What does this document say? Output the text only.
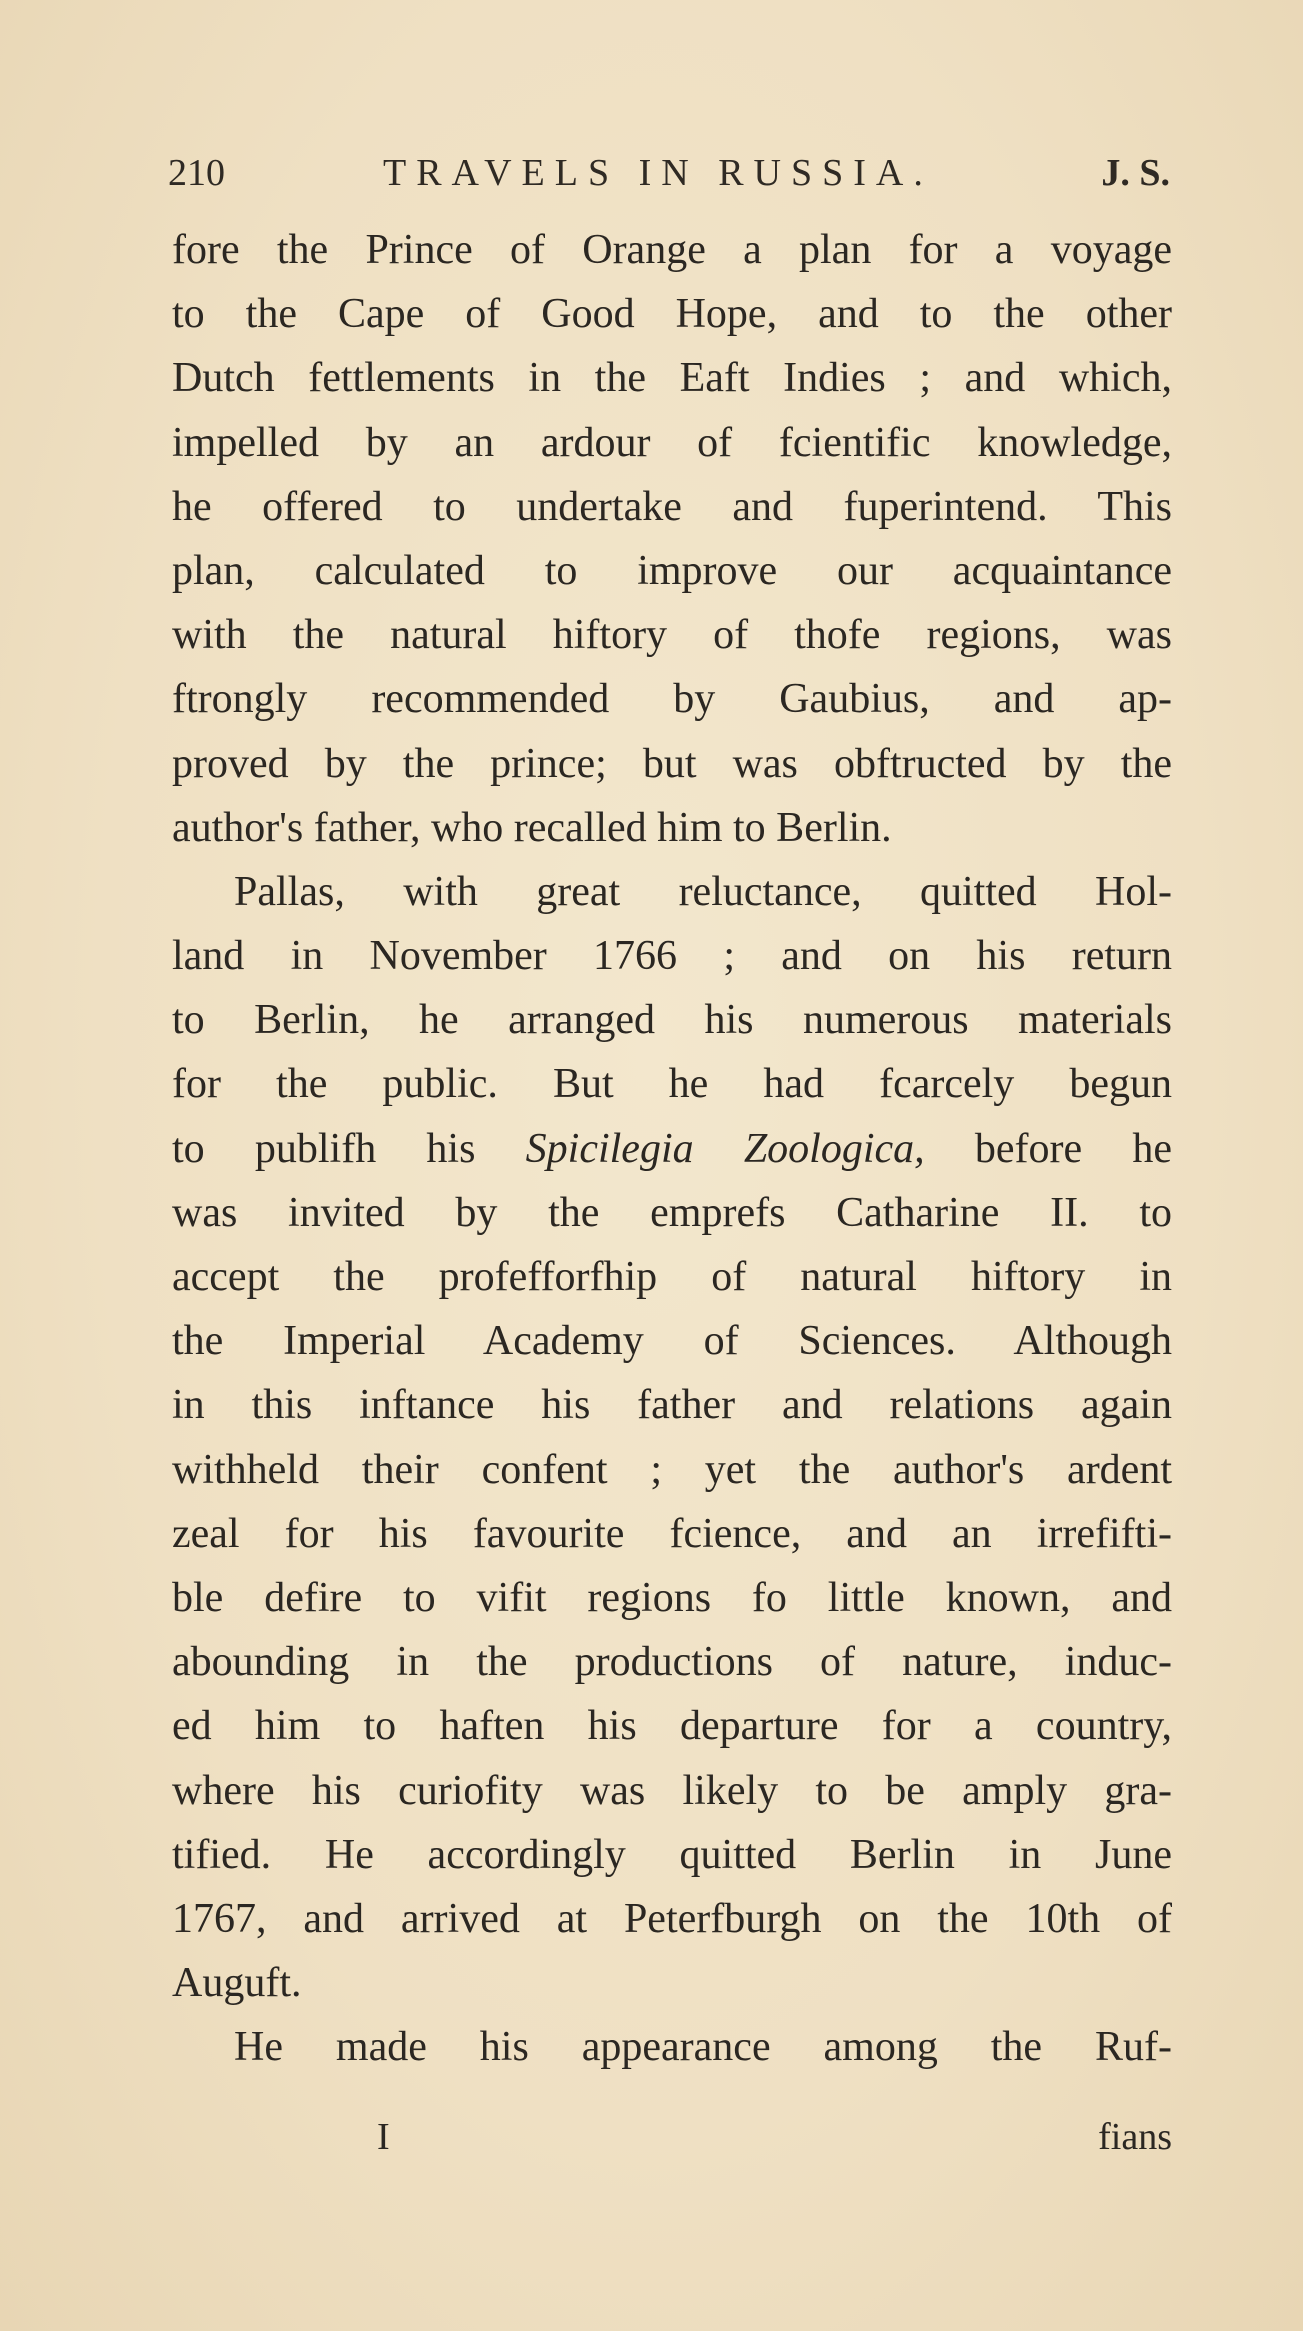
210	TRAVELS IN RUSSIA.	J. S.
fore the Prince of Orange a plan for a voyage
to the Cape of Good Hope, and to the other
Dutch fettlements in the Eaft Indies ; and which,
impelled by an ardour of fcientific knowledge,
he offered to undertake and fuperintend. This
plan, calculated to improve our acquaintance
with the natural hiftory of thofe regions, was
ftrongly recommended by Gaubius, and ap-
proved by the prince; but was obftructed by the
author's father, who recalled him to Berlin.
Pallas, with great reluctance, quitted Hol-
land in November 1766 ; and on his return
to Berlin, he arranged his numerous materials
for the public. But he had fcarcely begun
to publifh his Spicilegia Zoologica, before he
was invited by the emprefs Catharine II. to
accept the profefforfhip of natural hiftory in
the Imperial Academy of Sciences. Although
in this inftance his father and relations again
withheld their confent ; yet the author's ardent
zeal for his favourite fcience, and an irrefifti-
ble defire to vifit regions fo little known, and
abounding in the productions of nature, induc-
ed him to haften his departure for a country,
where his curiofity was likely to be amply gra-
tified. He accordingly quitted Berlin in June
1767, and arrived at Peterfburgh on the 10th of
Auguft.
He made his appearance among the Ruf-
I	fians
